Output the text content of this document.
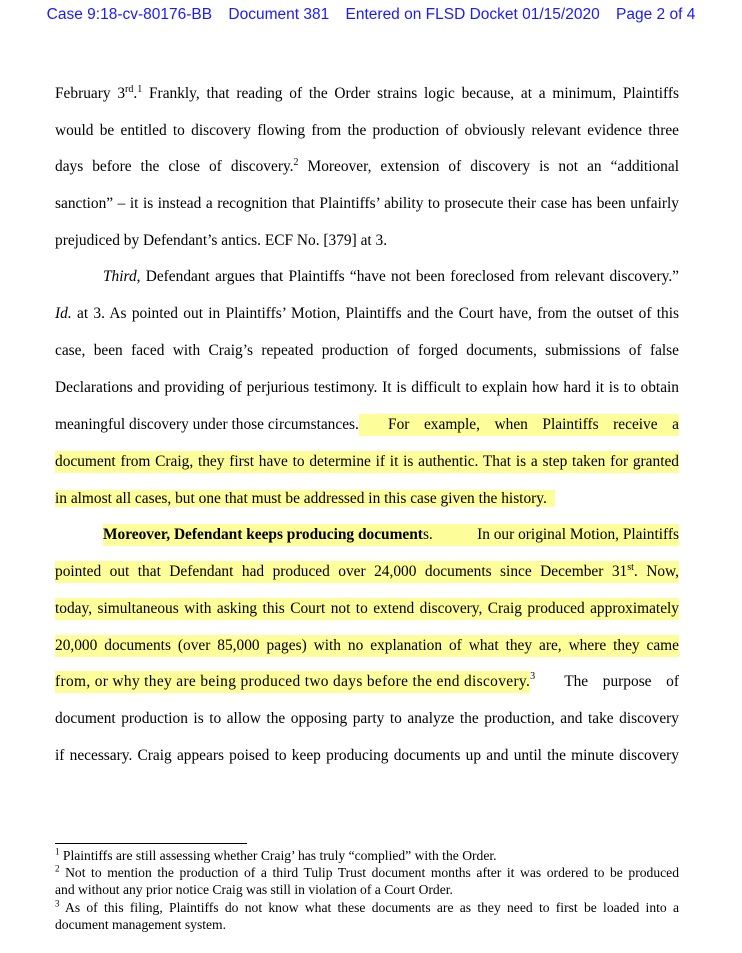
Case 9:18-cv-80176-BB Document 381 Entered on FLSD Docket 01/15/2020 Page 2 of 4
February 3rd.$^1$ Frankly, that reading of the Order strains logic because, at a minimum, Plaintiffs
would be entitled to discovery flowing from the production of obviously relevant evidence three
days before the close of discovery.$^2$ Moreover, extension of discovery is not an “additional
sanction” – it is instead a recognition that Plaintiffs’ ability to prosecute their case has been unfairly
prejudiced by Defendant’s antics. ECF No. [379] at 3.
Third, Defendant argues that Plaintiffs “have not been foreclosed from relevant discovery.”
Id. at 3. As pointed out in Plaintiffs’ Motion, Plaintiffs and the Court have, from the outset of this
case, been faced with Craig’s repeated production of forged documents, submissions of false
Declarations and providing of perjurious testimony. It is difficult to explain how hard it is to obtain
meaningful discovery under those circumstances. For example, when Plaintiffs receive a
document from Craig, they first have to determine if it is authentic. That is a step taken for granted
in almost all cases, but one that must be addressed in this case given the history.
Moreover, Defendant keeps producing documents. In our original Motion, Plaintiffs
pointed out that Defendant had produced over 24,000 documents since December 31st. Now,
today, simultaneous with asking this Court not to extend discovery, Craig produced approximately
20,000 documents (over 85,000 pages) with no explanation of what they are, where they came
from, or why they are being produced two days before the end discovery. 3 The purpose of
document production is to allow the opposing party to analyze the production, and take discovery
if necessary. Craig appears poised to keep producing documents up and until the minute discovery
$^1$ Plaintiffs are still assessing whether Craig’ has truly “complied” with the Order.
$^2$ Not to mention the production of a third Tulip Trust document months after it was ordered to be produced
and without any prior notice Craig was still in violation of a Court Order.
$^3$ As of this filing, Plaintiffs do not know what these documents are as they need to first be loaded into a
document management system.
